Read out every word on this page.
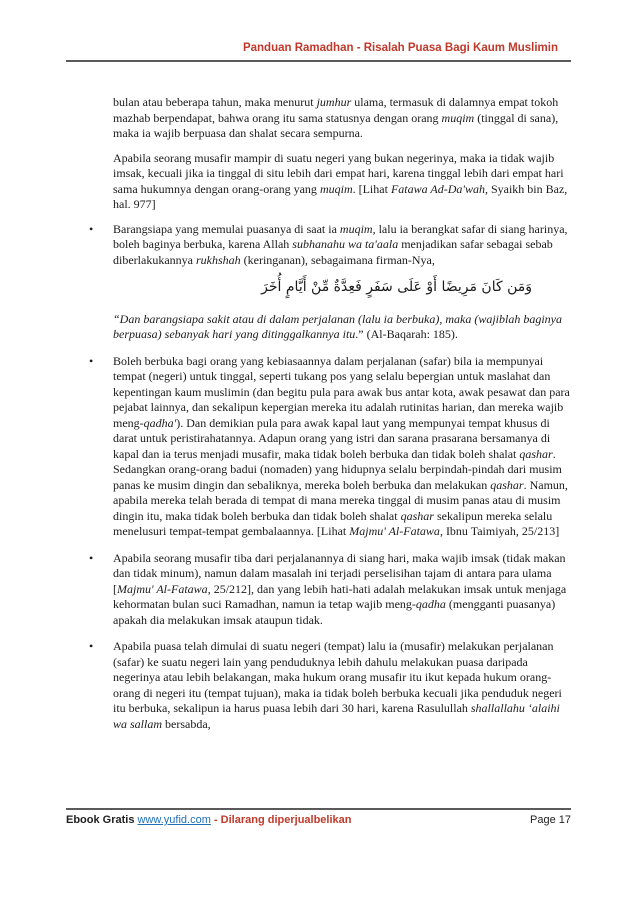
Panduan Ramadhan - Risalah Puasa Bagi Kaum Muslimin

bulan atau beberapa tahun, maka menurut jumhur ulama, termasuk di dalamnya empat tokoh mazhab berpendapat, bahwa orang itu sama statusnya dengan orang muqim (tinggal di sana), maka ia wajib berpuasa dan shalat secara sempurna.

Apabila seorang musafir mampir di suatu negeri yang bukan negerinya, maka ia tidak wajib imsak, kecuali jika ia tinggal di situ lebih dari empat hari, karena tinggal lebih dari empat hari sama hukumnya dengan orang-orang yang muqim. [Lihat Fatawa Ad-Da'wah, Syaikh bin Baz, hal. 977]

• Barangsiapa yang memulai puasanya di saat ia muqim, lalu ia berangkat safar di siang harinya, boleh baginya berbuka, karena Allah subhanahu wa ta'aala menjadikan safar sebagai sebab diberlakukannya rukhshah (keringanan), sebagaimana firman-Nya,
وَمَن كَانَ مَرِيضًا أَوْ عَلَى سَفَرٍ فَعِدَّةٌ مِّنْ أَيَّامٍ أُخَرَ

“Dan barangsiapa sakit atau di dalam perjalanan (lalu ia berbuka), maka (wajiblah baginya berpuasa) sebanyak hari yang ditinggalkannya itu.” (Al-Baqarah: 185).

• Boleh berbuka bagi orang yang kebiasaannya dalam perjalanan (safar) bila ia mempunyai tempat (negeri) untuk tinggal, seperti tukang pos yang selalu bepergian untuk maslahat dan kepentingan kaum muslimin (dan begitu pula para awak bus antar kota, awak pesawat dan para pejabat lainnya, dan sekalipun kepergian mereka itu adalah rutinitas harian, dan mereka wajib meng-qadha'). Dan demikian pula para awak kapal laut yang mempunyai tempat khusus di darat untuk peristirahatannya. Adapun orang yang istri dan sarana prasarana bersamanya di kapal dan ia terus menjadi musafir, maka tidak boleh berbuka dan tidak boleh shalat qashar. Sedangkan orang-orang badui (nomaden) yang hidupnya selalu berpindah-pindah dari musim panas ke musim dingin dan sebaliknya, mereka boleh berbuka dan melakukan qashar. Namun, apabila mereka telah berada di tempat di mana mereka tinggal di musim panas atau di musim dingin itu, maka tidak boleh berbuka dan tidak boleh shalat qashar sekalipun mereka selalu menelusuri tempat-tempat gembalaannya. [Lihat Majmu' Al-Fatawa, Ibnu Taimiyah, 25/213]
• Apabila seorang musafir tiba dari perjalanannya di siang hari, maka wajib imsak (tidak makan dan tidak minum), namun dalam masalah ini terjadi perselisihan tajam di antara para ulama [Majmu' Al-Fatawa, 25/212], dan yang lebih hati-hati adalah melakukan imsak untuk menjaga kehormatan bulan suci Ramadhan, namun ia tetap wajib meng-qadha (mengganti puasanya) apakah dia melakukan imsak ataupun tidak.
• Apabila puasa telah dimulai di suatu negeri (tempat) lalu ia (musafir) melakukan perjalanan (safar) ke suatu negeri lain yang penduduknya lebih dahulu melakukan puasa daripada negerinya atau lebih belakangan, maka hukum orang musafir itu ikut kepada hukum orang-orang di negeri itu (tempat tujuan), maka ia tidak boleh berbuka kecuali jika penduduk negeri itu berbuka, sekalipun ia harus puasa lebih dari 30 hari, karena Rasulullah shallallahu ‘alaihi wa sallam bersabda,
Ebook Gratis www.yufid.com - Dilarang diperjualbelikan	Page 17
